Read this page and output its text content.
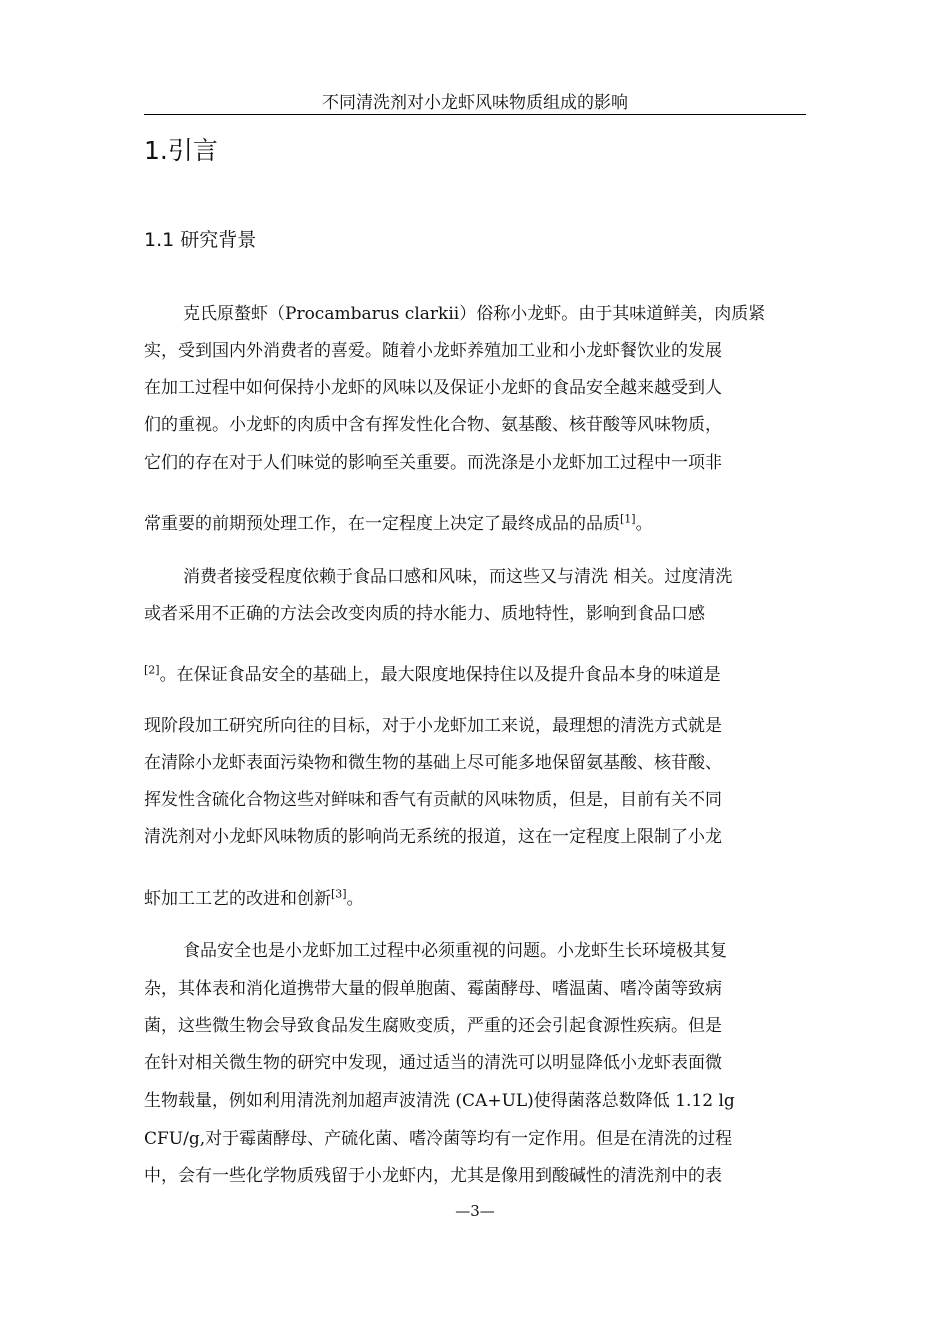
不同清洗剂对小龙虾风味物质组成的影响
1.引言
1.1 研究背景
克氏原螯虾（Procambarus clarkii）俗称小龙虾。由于其味道鲜美，肉质紧
实，受到国内外消费者的喜爱。随着小龙虾养殖加工业和小龙虾餐饮业的发展
在加工过程中如何保持小龙虾的风味以及保证小龙虾的食品安全越来越受到人
们的重视。小龙虾的肉质中含有挥发性化合物、氨基酸、核苷酸等风味物质，
它们的存在对于人们味觉的影响至关重要。而洗涤是小龙虾加工过程中一项非
常重要的前期预处理工作，在一定程度上决定了最终成品的品质[1]。
消费者接受程度依赖于食品口感和风味，而这些又与清洗 相关。过度清洗
或者采用不正确的方法会改变肉质的持水能力、质地特性，影响到食品口感
[2]。在保证食品安全的基础上，最大限度地保持住以及提升食品本身的味道是
现阶段加工研究所向往的目标，对于小龙虾加工来说，最理想的清洗方式就是
在清除小龙虾表面污染物和微生物的基础上尽可能多地保留氨基酸、核苷酸、
挥发性含硫化合物这些对鲜味和香气有贡献的风味物质，但是，目前有关不同
清洗剂对小龙虾风味物质的影响尚无系统的报道，这在一定程度上限制了小龙
虾加工工艺的改进和创新[3]。
食品安全也是小龙虾加工过程中必须重视的问题。小龙虾生长环境极其复
杂，其体表和消化道携带大量的假单胞菌、霉菌酵母、嗜温菌、嗜冷菌等致病
菌，这些微生物会导致食品发生腐败变质，严重的还会引起食源性疾病。但是
在针对相关微生物的研究中发现，通过适当的清洗可以明显降低小龙虾表面微
生物载量，例如利用清洗剂加超声波清洗 (CA+UL)使得菌落总数降低 1.12 lg
CFU/g,对于霉菌酵母、产硫化菌、嗜冷菌等均有一定作用。但是在清洗的过程
中，会有一些化学物质残留于小龙虾内，尤其是像用到酸碱性的清洗剂中的表
—3—
